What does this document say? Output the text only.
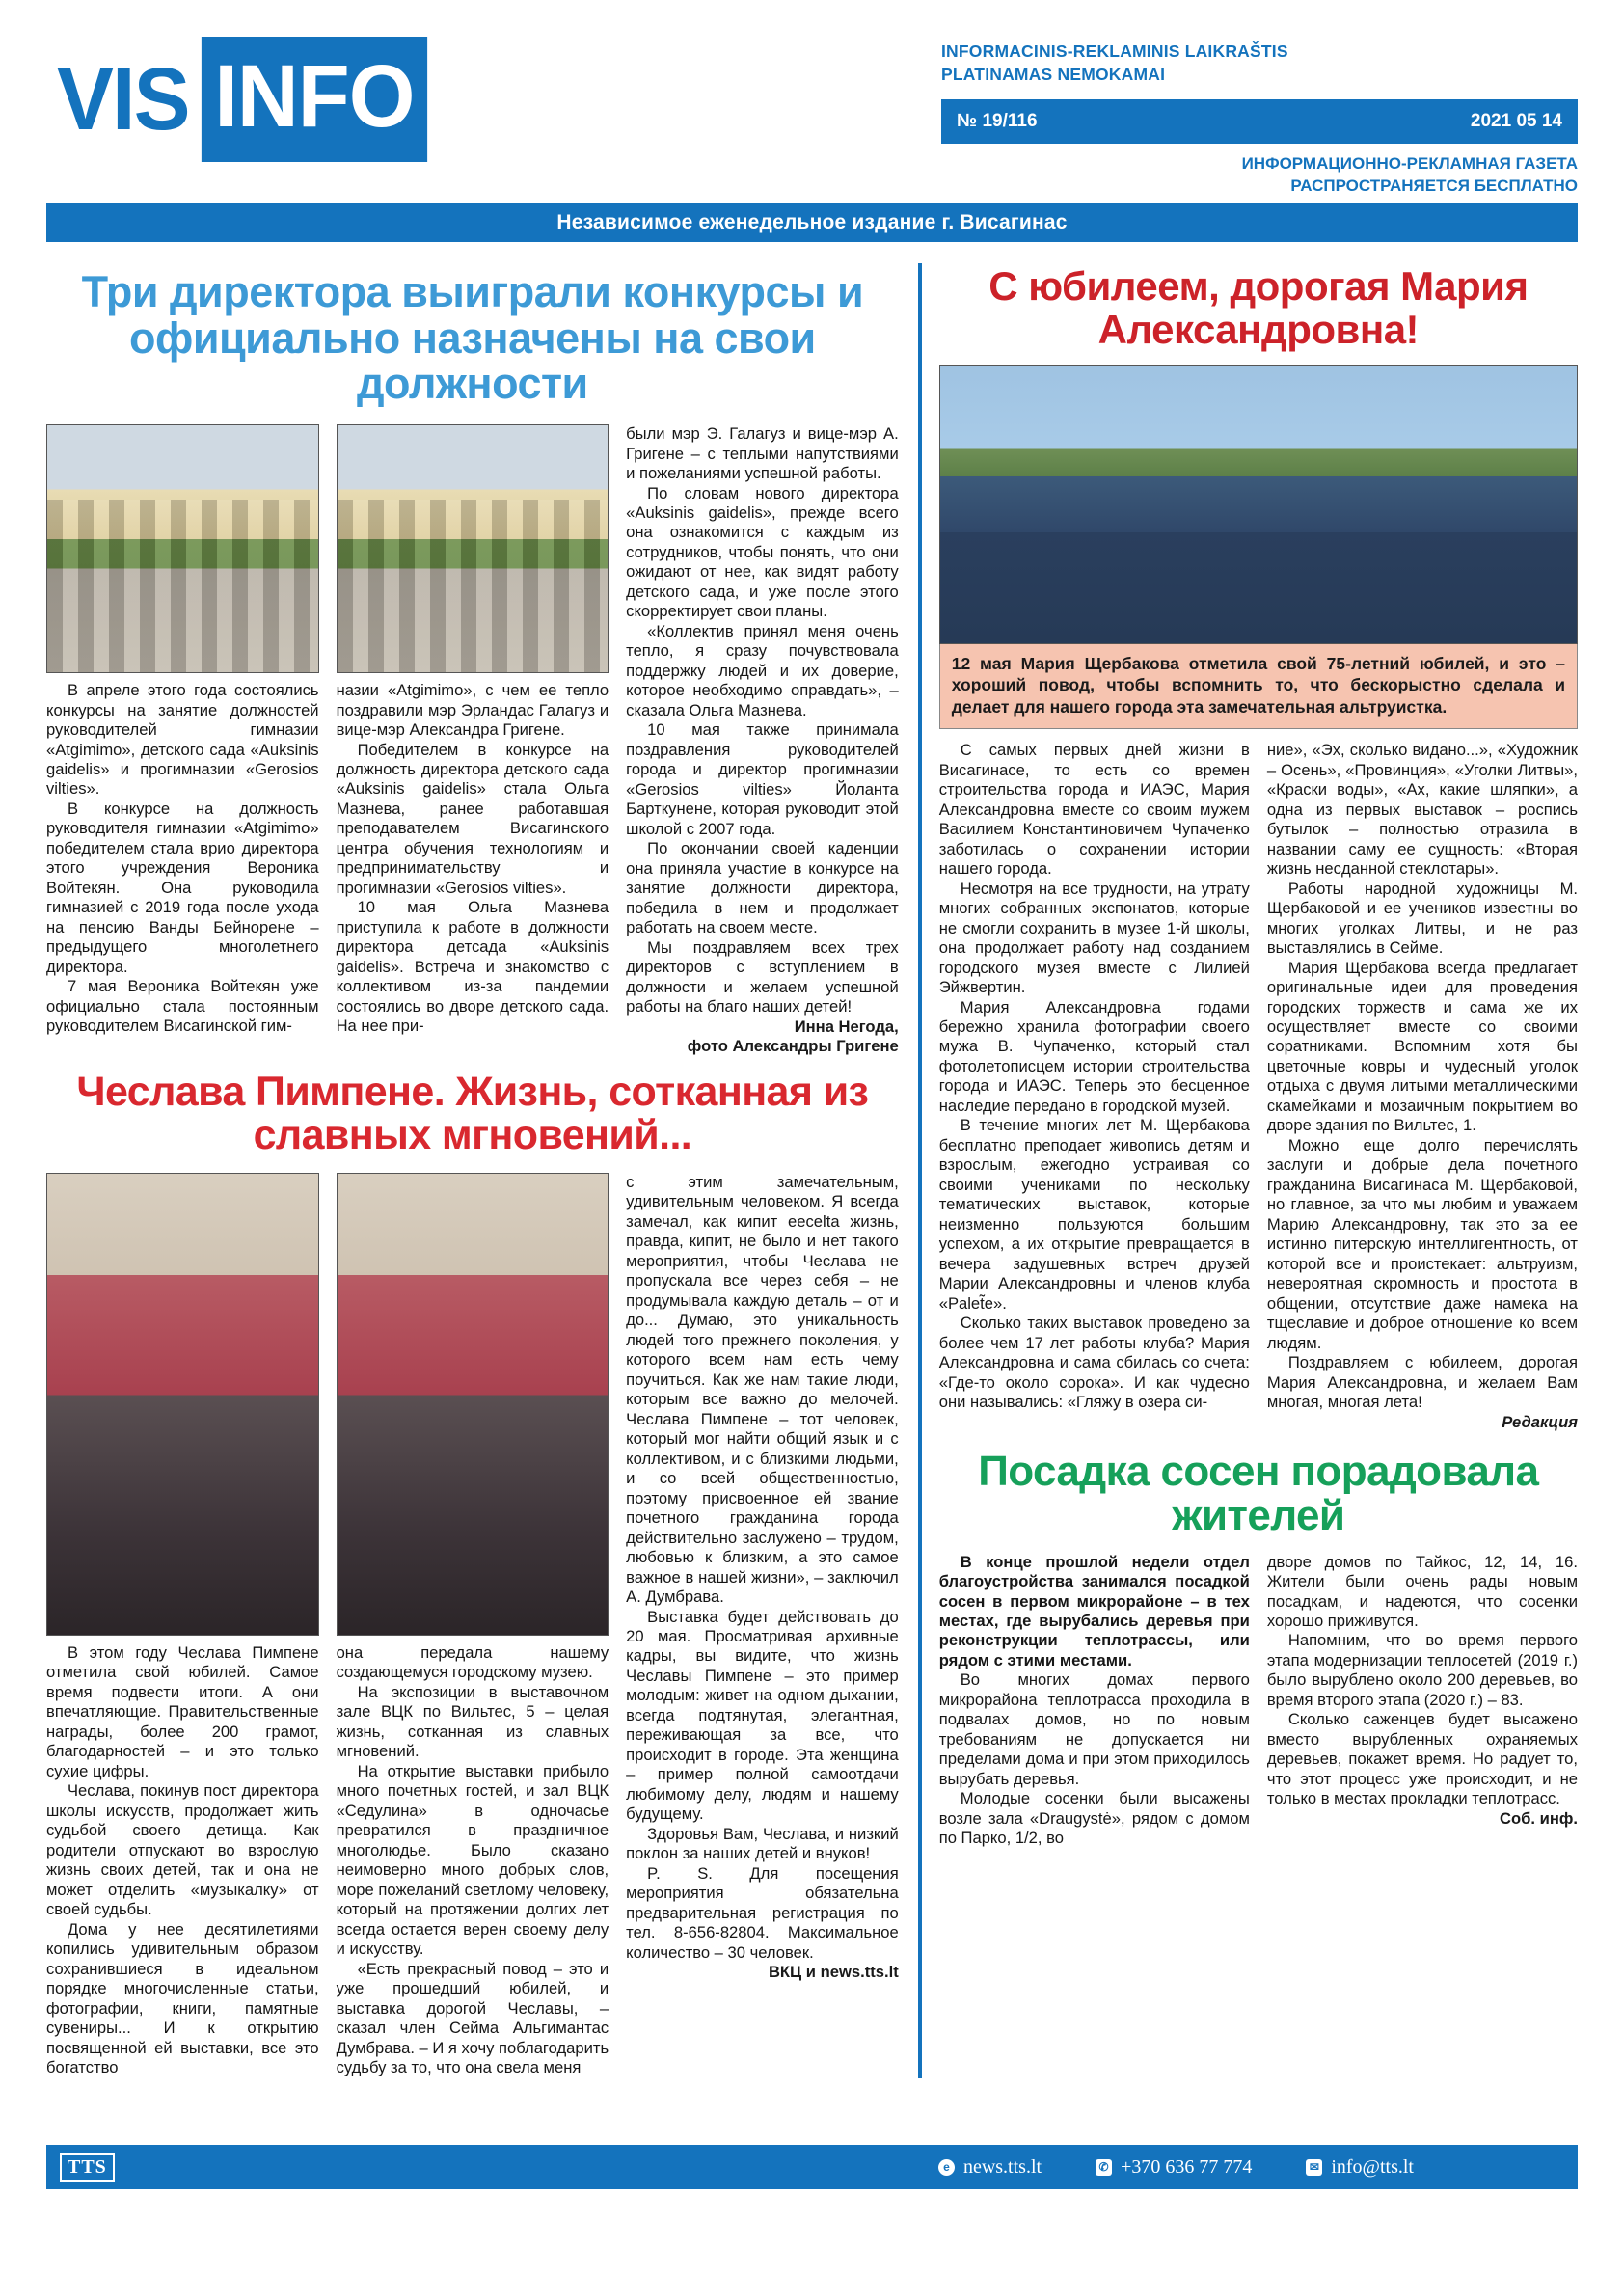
VIS INFO	INFORMACINIS-REKLAMINIS LAIKRAŠTIS
PLATINAMAS NEMOKAMAI
№ 19/116	2021 05 14
ИНФОРМАЦИОННО-РЕКЛАМНАЯ ГАЗЕТА
РАСПРОСТРАНЯЕТСЯ БЕСПЛАТНО
Независимое еженедельное издание г. Висагинас
Три директора выиграли конкурсы и официально назначены на свои должности

В апреле этого года состоялись конкурсы на занятие должностей руководителей гимназии «Atgimimo», детского сада «Auksinis gaidelis» и прогимназии «Gerosios vilties».

В конкурсе на должность руководителя гимназии «Atgimimo» победителем стала врио директора этого учреждения Вероника Войтекян. Она руководила гимназией с 2019 года после ухода на пенсию Ванды Бейноренe – предыдущего многолетнего директора.

7 мая Вероника Войтекян уже официально стала постоянным руководителем Висагинской гим-

назии «Atgimimo», с чем ее тепло поздравили мэр Эрландас Галагуз и вице-мэр Александра Григене.

Победителем в конкурсе на должность директора детского сада «Auksinis gaidelis» стала Ольга Мазнева, ранее работавшая преподавателем Висагинского центра обучения технологиям и предпринимательству и прогимназии «Gerosios vilties».

10 мая Ольга Мазнева приступила к работе в должности директора детсада «Auksinis gaidelis». Встреча и знакомство с коллективом из-за пандемии состоялись во дворе детского сада. На нее при-

были мэр Э. Галагуз и вице-мэр А. Григене – с теплыми напутствиями и пожеланиями успешной работы.

По словам нового директора «Auksinis gaidelis», прежде всего она ознакомится с каждым из сотрудников, чтобы понять, что они ожидают от нее, как видят работу детского сада, и уже после этого скорректирует свои планы.

«Коллектив принял меня очень тепло, я сразу почувствовала поддержку людей и их доверие, которое необходимо оправдать», – сказала Ольга Мазнева.

10 мая также принимала поздравления руководителей города и директор прогимназии «Gerosios vilties» Йоланта Барткунене, которая руководит этой школой с 2007 года.

По окончании своей каденции она приняла участие в конкурсе на занятие должности директора, победила в нем и продолжает работать на своем месте.

Мы поздравляем всех трех директоров с вступлением в должности и желаем успешной работы на благо наших детей!

Инна Негода,

фото Александры Григене

Чеслава Пимпене. Жизнь, сотканная из славных мгновений...

В этом году Чеслава Пимпене отметила свой юбилей. Самое время подвести итоги. А они впечатляющие. Правительственные награды, более 200 грамот, благодарностей – и это только сухие цифры.

Чеслава, покинув пост директора школы искусств, продолжает жить судьбой своего детища. Как родители отпускают во взрослую жизнь своих детей, так и она не может отделить «музыкалку» от своей судьбы.

Дома у нее десятилетиями копились удивительным образом сохранившиеся в идеальном порядке многочисленные статьи, фотографии, книги, памятные сувениры... И к открытию посвященной ей выставки, все это богатство

она передала нашему создающемуся городскому музею.

На экспозиции в выставочном зале ВЦК по Вильтес, 5 – целая жизнь, сотканная из славных мгновений.

На открытие выставки прибыло много почетных гостей, и зал ВЦК «Седулина» в одночасье превратился в праздничное многолюдье. Было сказано неимоверно много добрых слов, море пожеланий светлому человеку, который на протяжении долгих лет всегда остается верен своему делу и искусству.

«Есть прекрасный повод – это и уже прошедший юбилей, и выставка дорогой Чеславы, – сказал член Сейма Альгимантас Думбрава. – И я хочу поблагодарить судьбу за то, что она свела меня

с этим замечательным, удивительным человеком. Я всегда замечал, как кипит ееceltа жизнь, правда, кипит, не было и нет такого мероприятия, чтобы Чеслава не пропускала все через себя – не продумывала каждую деталь – от и до... Думаю, это уникальность людей того прежнего поколения, у которого всем нам есть чему поучиться. Как же нам такие люди, которым все важно до мелочей. Чеслава Пимпене – тот человек, который мог найти общий язык и с коллективом, и с близкими людьми, и со всей общественностью, поэтому присвоенное ей звание почетного гражданина города действительно заслужено – трудом, любовью к близким, а это самое важное в нашей жизни», – заключил А. Думбрава.

Выставка будет действовать до 20 мая. Просматривая архивные кадры, вы видите, что жизнь Чеславы Пимпене – это пример молодым: живет на одном дыхании, всегда подтянутая, элегантная, переживающая за все, что происходит в городе. Эта женщина – пример полной самоотдачи любимому делу, людям и нашему будущему.

Здоровья Вам, Чеслава, и низкий поклон за наших детей и внуков!

P. S. Для посещения мероприятия обязательна предварительная регистрация по тел. 8-656-82804. Максимальное количество – 30 человек.

ВКЦ и news.tts.lt

С юбилеем, дорогая Мария Александровна!
12 мая Мария Щербакова отметила свой 75-летний юбилей, и это – хороший повод, чтобы вспомнить то, что бескорыстно сделала и делает для нашего города эта замечательная альтруистка.

С самых первых дней жизни в Висагинасе, то есть со времен строительства города и ИАЭС, Мария Александровна вместе со своим мужем Василием Константиновичем Чупаченко заботилась о сохранении истории нашего города.

Несмотря на все трудности, на утрату многих собранных экспонатов, которые не смогли сохранить в музее 1-й школы, она продолжает работу над созданием городского музея вместе с Лилией Эйжвертин.

Мария Александровна годами бережно хранила фотографии своего мужа В. Чупаченко, который стал фотолетописцем истории строительства города и ИАЭС. Теперь это бесценное наследие передано в городской музей.

В течение многих лет М. Щербакова бесплатно преподает живопись детям и взрослым, ежегодно устраивая со своими учениками по нескольку тематических выставок, которые неизменно пользуются большим успехом, а их открытие превращается в вечера задушевных встреч друзей Марии Александровны и членов клуба «Palet̃e».

Сколько таких выставок проведено за более чем 17 лет работы клуба? Мария Александровна и сама сбилась со счета: «Где-то около сорока». И как чудесно они назывались: «Гляжу в озера си-

ние», «Эх, сколько видано...», «Художник – Осень», «Провинция», «Уголки Литвы», «Краски воды», «Ах, какие шляпки», а одна из первых выставок – роспись бутылок – полностью отразила в названии саму ее сущность: «Вторая жизнь несданной стеклотары».

Работы народной художницы М. Щербаковой и ее учеников известны во многих уголках Литвы, и не раз выставлялись в Сейме.

Мария Щербакова всегда предлагает оригинальные идеи для проведения городских торжеств и сама же их осуществляет вместе со своими соратниками. Вспомним хотя бы цветочные ковры и чудесный уголок отдыха с двумя литыми металлическими скамейками и мозаичным покрытием во дворе здания по Вильтес, 1.

Можно еще долго перечислять заслуги и добрые дела почетного гражданина Висагинаса М. Щербаковой, но главное, за что мы любим и уважаем Марию Александровну, так это за ее истинно питерскую интеллигентность, от которой все и проистекает: альтруизм, невероятная скромность и простота в общении, отсутствие даже намека на тщеславие и доброе отношение ко всем людям.

Поздравляем с юбилеем, дорогая Мария Александровна, и желаем Вам многая, многая лета!

Редакция

Посадка сосен порадовала жителей

В конце прошлой недели отдел благоустройства занимался посадкой сосен в первом микрорайоне – в тех местах, где вырубались деревья при реконструкции теплотрассы, или рядом с этими местами.

Во многих домах первого микрорайона теплотраcса проходила в подвалах домов, но по новым требованиям не допускается ни пределами дома и при этом приходилось вырубать деревья.

Молодые сосенки были высажены возле зала «Draugystė», рядом с домом по Парко, 1/2, во

дворе домов по Тайкос, 12, 14, 16. Жители были очень рады новым посадкам, и надеются, что сосенки хорошо приживутся.

Напомним, что во время первого этапа модернизации теплосетей (2019 г.) было вырублено около 200 деревьев, во время второго этапа (2020 г.) – 83.

Сколько саженцев будет высажено вместо вырубленных охраняемых деревьев, покажет время. Но радует то, что этот процесс уже происходит, и не только в местах прокладки теплотрасс.

Соб. инф.

TTS	e news.tts.lt	✆ +370 636 77 774	✉ info@tts.lt
